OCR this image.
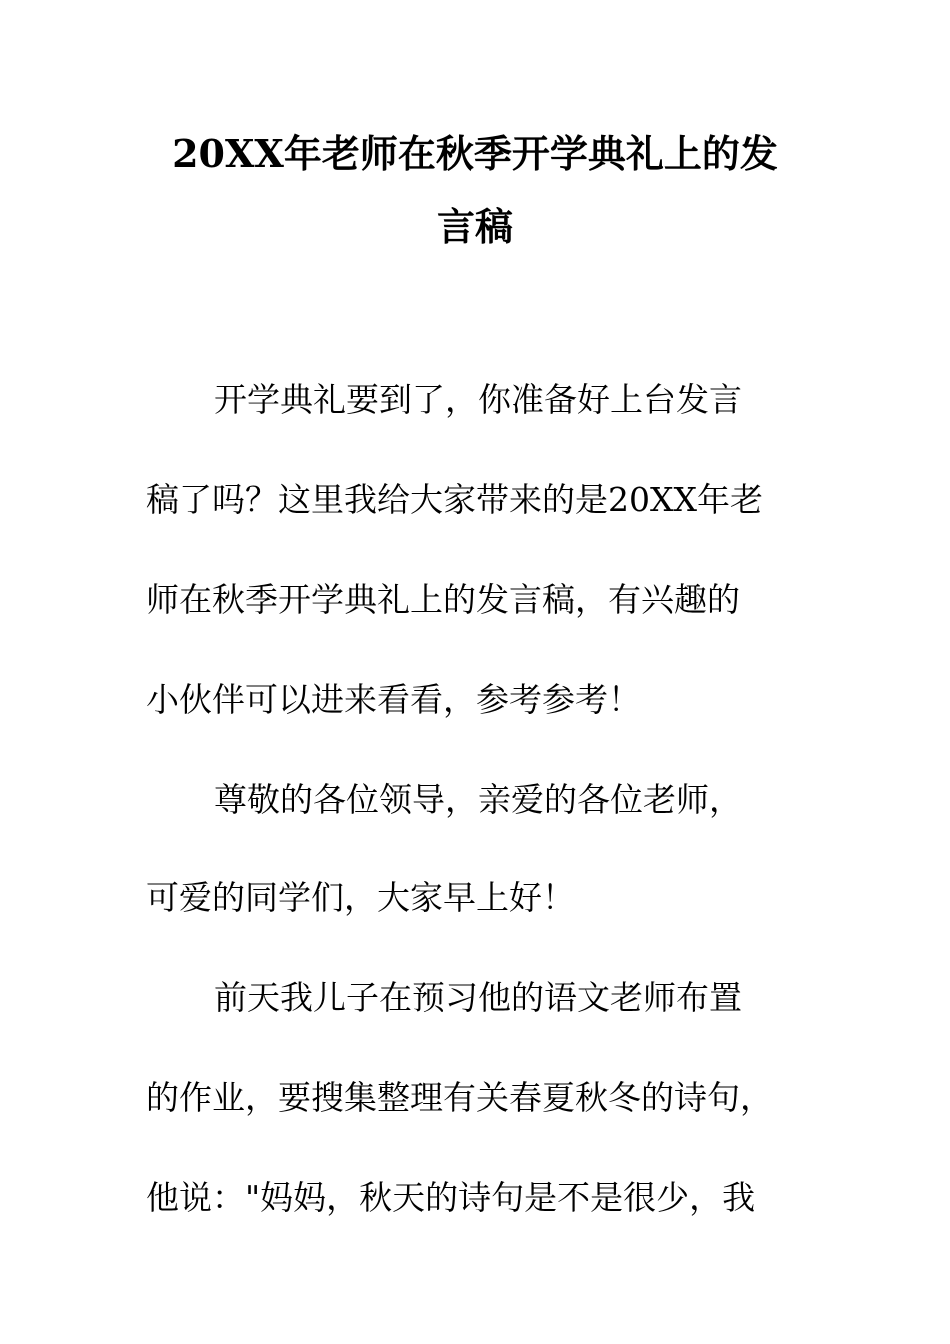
20XX年老师在秋季开学典礼上的发
言稿

开学典礼要到了，你准备好上台发言

稿了吗？这里我给大家带来的是20XX年老

师在秋季开学典礼上的发言稿，有兴趣的

小伙伴可以进来看看，参考参考！

尊敬的各位领导，亲爱的各位老师，

可爱的同学们，大家早上好！

前天我儿子在预习他的语文老师布置

的作业，要搜集整理有关春夏秋冬的诗句，

他说："妈妈，秋天的诗句是不是很少，我
